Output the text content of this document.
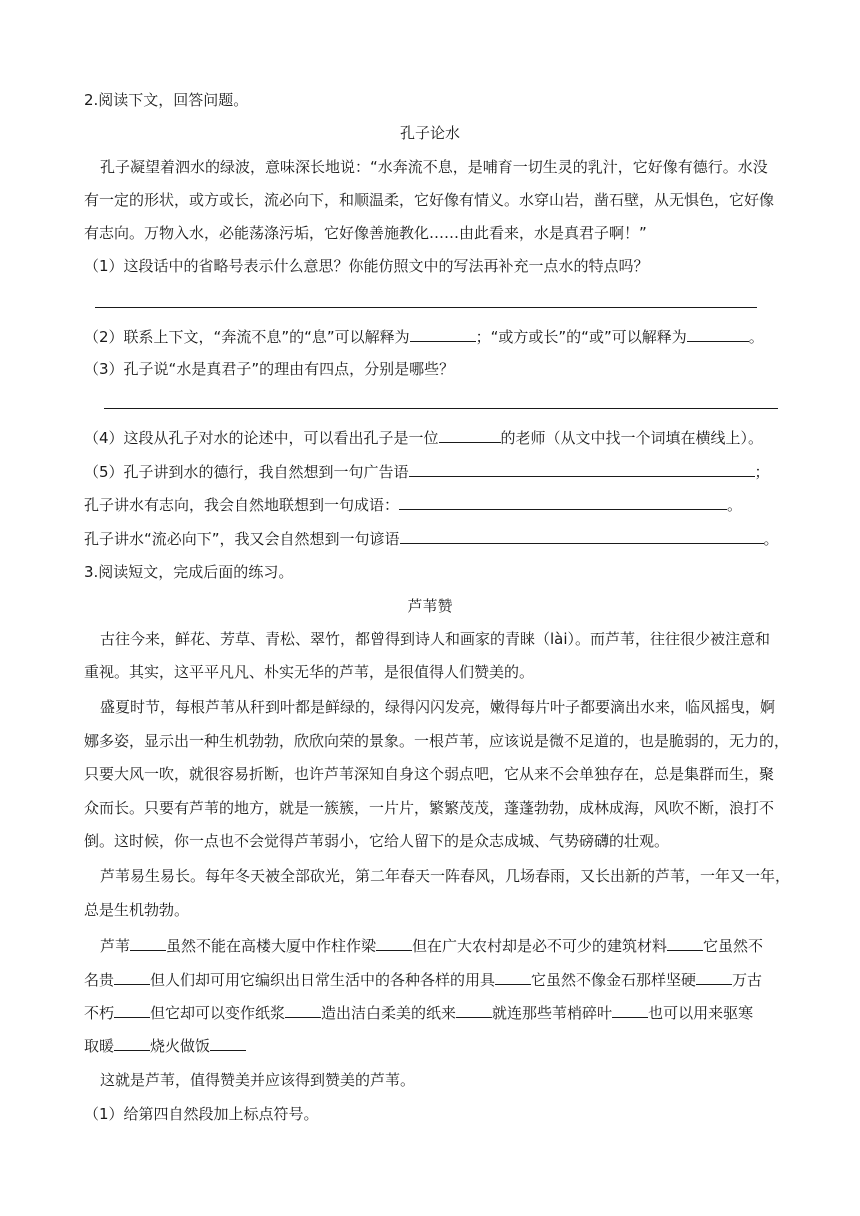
2.阅读下文，回答问题。
孔子论水
孔子凝望着泗水的绿波，意味深长地说：“水奔流不息，是哺育一切生灵的乳汁，它好像有德行。水没
有一定的形状，或方或长，流必向下，和顺温柔，它好像有情义。水穿山岩，凿石壁，从无惧色，它好像
有志向。万物入水，必能荡涤污垢，它好像善施教化……由此看来，水是真君子啊！”
（1）这段话中的省略号表示什么意思？你能仿照文中的写法再补充一点水的特点吗？
（2）联系上下文，“奔流不息”的“息”可以解释为	；“或方或长”的“或”可以解释为	。
（3）孔子说“水是真君子”的理由有四点，分别是哪些？
（4）这段从孔子对水的论述中，可以看出孔子是一位	的老师（从文中找一个词填在横线上）。
（5）孔子讲到水的德行，我自然想到一句广告语	；
孔子讲水有志向，我会自然地联想到一句成语：	。
孔子讲水“流必向下”，我又会自然想到一句谚语	。
3.阅读短文，完成后面的练习。
芦苇赞
古往今来，鲜花、芳草、青松、翠竹，都曾得到诗人和画家的青睐（lài）。而芦苇，往往很少被注意和
重视。其实，这平平凡凡、朴实无华的芦苇，是很值得人们赞美的。
盛夏时节，每根芦苇从秆到叶都是鲜绿的，绿得闪闪发亮，嫩得每片叶子都要滴出水来，临风摇曳，婀
娜多姿，显示出一种生机勃勃，欣欣向荣的景象。一根芦苇，应该说是微不足道的，也是脆弱的，无力的，
只要大风一吹，就很容易折断，也许芦苇深知自身这个弱点吧，它从来不会单独存在，总是集群而生，聚
众而长。只要有芦苇的地方，就是一簇簇，一片片，繁繁茂茂，蓬蓬勃勃，成林成海，风吹不断，浪打不
倒。这时候，你一点也不会觉得芦苇弱小，它给人留下的是众志成城、气势磅礴的壮观。
芦苇易生易长。每年冬天被全部砍光，第二年春天一阵春风，几场春雨，又长出新的芦苇，一年又一年，
总是生机勃勃。
芦苇 虽然不能在高楼大厦中作柱作梁 但在广大农村却是必不可少的建筑材料 它虽然不
名贵 但人们却可用它编织出日常生活中的各种各样的用具 它虽然不像金石那样坚硬 万古
不朽 但它却可以变作纸浆 造出洁白柔美的纸来 就连那些苇梢碎叶 也可以用来驱寒
取暖 烧火做饭
这就是芦苇，值得赞美并应该得到赞美的芦苇。
（1）给第四自然段加上标点符号。
